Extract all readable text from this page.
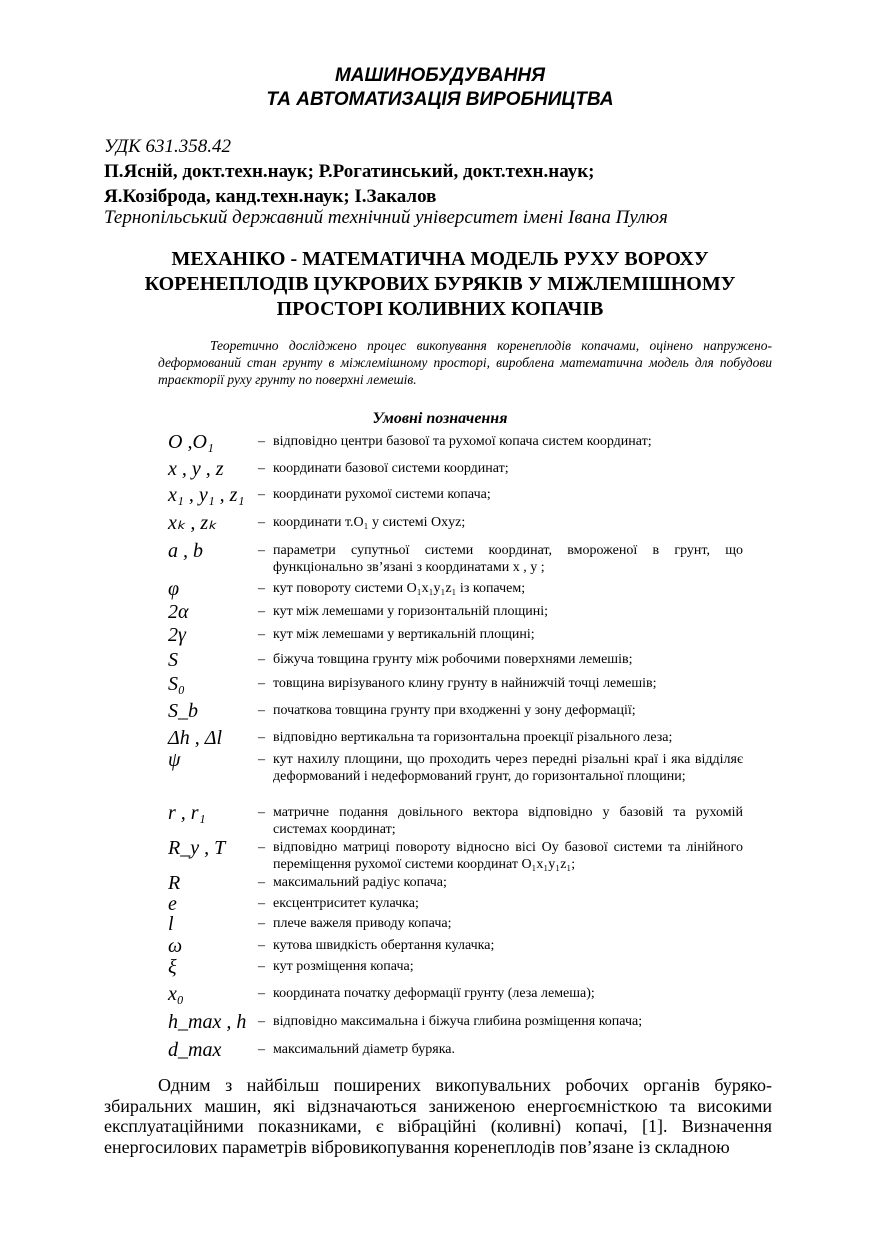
МАШИНОБУДУВАННЯ
ТА АВТОМАТИЗАЦІЯ ВИРОБНИЦТВА
УДК 631.358.42
П.Ясній, докт.техн.наук; Р.Рогатинський, докт.техн.наук;
Я.Козіброда, канд.техн.наук; І.Закалов
Тернопільський державний технічний університет імені Івана Пулюя
МЕХАНІКО - МАТЕМАТИЧНА МОДЕЛЬ РУХУ ВОРОХУ
КОРЕНЕПЛОДІВ ЦУКРОВИХ БУРЯКІВ У МІЖЛЕМІШНОМУ
ПРОСТОРІ КОЛИВНИХ КОПАЧІВ
Теоретично досліджено процес викопування коренеплодів копачами, оцінено напружено-деформований стан грунту в міжлемішному просторі, вироблена математична модель для побудови траєкторії руху грунту по поверхні лемешів.
Умовні позначення
O ,O₁	– відповідно центри базової та рухомої копача систем координат;
x , y , z – координати базової системи координат;
x₁ , y₁ , z₁ – координати рухомої системи копача;
xₖ , zₖ	– координати т.O₁ у системі Oxyz;
a , b	– параметри супутньої системи координат, вмороженої в грунт, що функціонально зв’язані з координатами x , y ;
φ	– кут повороту системи O₁x₁y₁z₁ із копачем;
2α	– кут між лемешами у горизонтальній площині;
2γ	– кут між лемешами у вертикальній площині;
S	– біжуча товщина грунту між робочими поверхнями лемешів;
S₀	– товщина вирізуваного клину грунту в найнижчій точці лемешів;
S_b	– початкова товщина грунту при входженні у зону деформації;
Δh , Δl	– відповідно вертикальна та горизонтальна проекції різального леза;
ψ	– кут нахилу площини, що проходить через передні різальні краї і яка відділяє деформований і недеформований грунт, до горизонтальної площини;
r , r₁	– матричне подання довільного вектора відповідно у базовій та рухомій системах координат;
R_y , T – відповідно матриці повороту відносно вісі Oy базової системи та лінійного переміщення рухомої системи координат O₁x₁y₁z₁;
R	– максимальний радіус копача;
e	– ексцентриситет кулачка;
l	– плече важеля приводу копача;
ω	– кутова швидкість обертання кулачка;
ξ	– кут розміщення копача;
x₀	– координата початку деформації грунту (леза лемеша);
h_max , h – відповідно максимальна і біжуча глибина розміщення копача;
d_max	– максимальний діаметр буряка.
Одним з найбільш поширених викопувальних робочих органів буряко-збиральних машин, які відзначаються заниженою енергоємністкою та високими експлуатаційними показниками, є вібраційні (коливні) копачі, [1]. Визначення енергосилових параметрів вібровикопування коренеплодів пов’язане із складною
